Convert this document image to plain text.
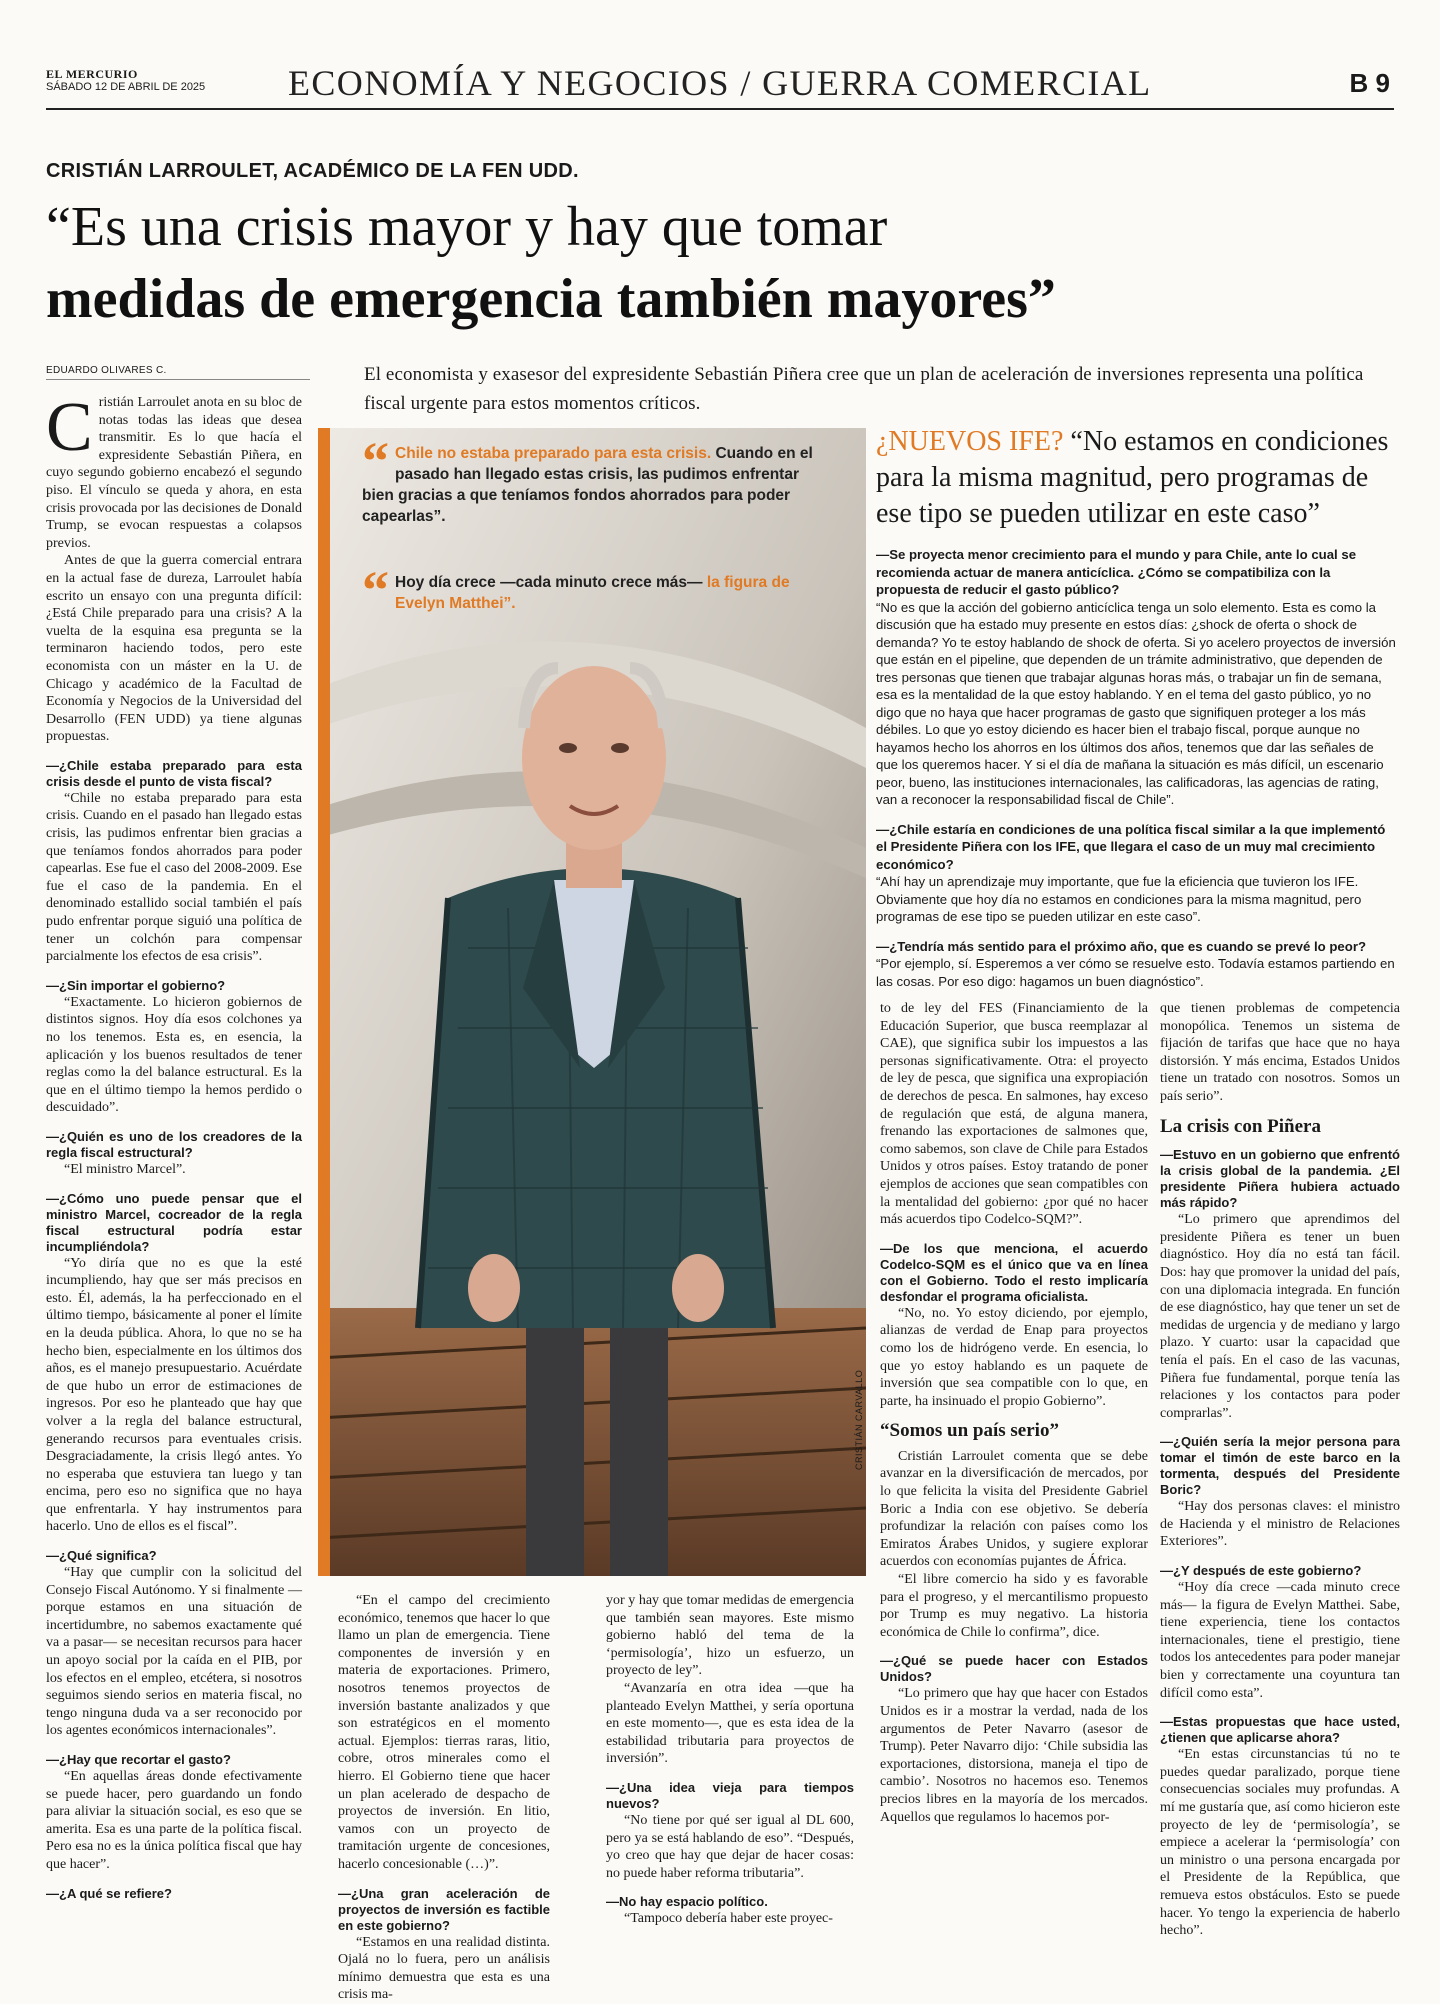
EL MERCURIO
SÁBADO 12 DE ABRIL DE 2025 ECONOMÍA Y NEGOCIOS / GUERRA COMERCIAL	B 9
CRISTIÁN LARROULET, ACADÉMICO DE LA FEN UDD.
“Es una crisis mayor y hay que tomar
medidas de emergencia también mayores”
EDUARDO OLIVARES C.	El economista y exasesor del expresidente Sebastián Piñera cree que un plan de aceleración de inversiones representa una política fiscal urgente para estos momentos críticos.
CRISTIÁN CARVALLO
“ Chile no estaba preparado para esta crisis. Cuando en el pasado han llegado estas crisis, las pudimos enfrentar bien gracias a que teníamos fondos ahorrados para poder capearlas”.
“ Hoy día crece —cada minuto crece más— la figura de Evelyn Matthei”.

Cristián Larroulet anota en su bloc de notas todas las ideas que desea transmitir. Es lo que hacía el expresidente Sebastián Piñera, en cuyo segundo gobierno encabezó el segundo piso. El vínculo se queda y ahora, en esta crisis provocada por las decisiones de Donald Trump, se evocan respuestas a colapsos previos.

Antes de que la guerra comercial entrara en la actual fase de dureza, Larroulet había escrito un ensayo con una pregunta difícil: ¿Está Chile preparado para una crisis? A la vuelta de la esquina esa pregunta se la terminaron haciendo todos, pero este economista con un máster en la U. de Chicago y académico de la Facultad de Economía y Negocios de la Universidad del Desarrollo (FEN UDD) ya tiene algunas propuestas.

—¿Chile estaba preparado para esta crisis desde el punto de vista fiscal?

“Chile no estaba preparado para esta crisis. Cuando en el pasado han llegado estas crisis, las pudimos enfrentar bien gracias a que teníamos fondos ahorrados para poder capearlas. Ese fue el caso del 2008-2009. Ese fue el caso de la pandemia. En el denominado estallido social también el país pudo enfrentar porque siguió una política de tener un colchón para compensar parcialmente los efectos de esa crisis”.

—¿Sin importar el gobierno?

“Exactamente. Lo hicieron gobiernos de distintos signos. Hoy día esos colchones ya no los tenemos. Esta es, en esencia, la aplicación y los buenos resultados de tener reglas como la del balance estructural. Es la que en el último tiempo la hemos perdido o descuidado”.

—¿Quién es uno de los creadores de la regla fiscal estructural?

“El ministro Marcel”.

—¿Cómo uno puede pensar que el ministro Marcel, cocreador de la regla fiscal estructural podría estar incumpliéndola?

“Yo diría que no es que la esté incumpliendo, hay que ser más precisos en esto. Él, además, la ha perfeccionado en el último tiempo, básicamente al poner el límite en la deuda pública. Ahora, lo que no se ha hecho bien, especialmente en los últimos dos años, es el manejo presupuestario. Acuérdate de que hubo un error de estimaciones de ingresos. Por eso he planteado que hay que volver a la regla del balance estructural, generando recursos para eventuales crisis. Desgraciadamente, la crisis llegó antes. Yo no esperaba que estuviera tan luego y tan encima, pero eso no significa que no haya que enfrentarla. Y hay instrumentos para hacerlo. Uno de ellos es el fiscal”.

—¿Qué significa?

“Hay que cumplir con la solicitud del Consejo Fiscal Autónomo. Y si finalmente —porque estamos en una situación de incertidumbre, no sabemos exactamente qué va a pasar— se necesitan recursos para hacer un apoyo social por la caída en el PIB, por los efectos en el empleo, etcétera, si nosotros seguimos siendo serios en materia fiscal, no tengo ninguna duda va a ser reconocido por los agentes económicos internacionales”.

—¿Hay que recortar el gasto?

“En aquellas áreas donde efectivamente se puede hacer, pero guardando un fondo para aliviar la situación social, es eso que se amerita. Esa es una parte de la política fiscal. Pero esa no es la única política fiscal que hay que hacer”.

—¿A qué se refiere?

“En el campo del crecimiento económico, tenemos que hacer lo que llamo un plan de emergencia. Tiene componentes de inversión y en materia de exportaciones. Primero, nosotros tenemos proyectos de inversión bastante analizados y que son estratégicos en el momento actual. Ejemplos: tierras raras, litio, cobre, otros minerales como el hierro. El Gobierno tiene que hacer un plan acelerado de despacho de proyectos de inversión. En litio, vamos con un proyecto de tramitación urgente de concesiones, hacerlo concesionable (…)”.

—¿Una gran aceleración de proyectos de inversión es factible en este gobierno?

“Estamos en una realidad distinta. Ojalá no lo fuera, pero un análisis mínimo demuestra que esta es una crisis ma-

yor y hay que tomar medidas de emergencia que también sean mayores. Este mismo gobierno habló del tema de la ‘permisología’, hizo un esfuerzo, un proyecto de ley”.

“Avanzaría en otra idea —que ha planteado Evelyn Matthei, y sería oportuna en este momento—, que es esta idea de la estabilidad tributaria para proyectos de inversión”.

—¿Una idea vieja para tiempos nuevos?

“No tiene por qué ser igual al DL 600, pero ya se está hablando de eso”. “Después, yo creo que hay que dejar de hacer cosas: no puede haber reforma tributaria”.

—No hay espacio político.

“Tampoco debería haber este proyec-

to de ley del FES (Financiamiento de la Educación Superior, que busca reemplazar al CAE), que significa subir los impuestos a las personas significativamente. Otra: el proyecto de ley de pesca, que significa una expropiación de derechos de pesca. En salmones, hay exceso de regulación que está, de alguna manera, frenando las exportaciones de salmones que, como sabemos, son clave de Chile para Estados Unidos y otros países. Estoy tratando de poner ejemplos de acciones que sean compatibles con la mentalidad del gobierno: ¿por qué no hacer más acuerdos tipo Codelco-SQM?”.

—De los que menciona, el acuerdo Codelco-SQM es el único que va en línea con el Gobierno. Todo el resto implicaría desfondar el programa oficialista.

“No, no. Yo estoy diciendo, por ejemplo, alianzas de verdad de Enap para proyectos como los de hidrógeno verde. En esencia, lo que yo estoy hablando es un paquete de inversión que sea compatible con lo que, en parte, ha insinuado el propio Gobierno”.

“Somos un país serio”

Cristián Larroulet comenta que se debe avanzar en la diversificación de mercados, por lo que felicita la visita del Presidente Gabriel Boric a India con ese objetivo. Se debería profundizar la relación con países como los Emiratos Árabes Unidos, y sugiere explorar acuerdos con economías pujantes de África.

“El libre comercio ha sido y es favorable para el progreso, y el mercantilismo propuesto por Trump es muy negativo. La historia económica de Chile lo confirma”, dice.

—¿Qué se puede hacer con Estados Unidos?

“Lo primero que hay que hacer con Estados Unidos es ir a mostrar la verdad, nada de los argumentos de Peter Navarro (asesor de Trump). Peter Navarro dijo: ‘Chile subsidia las exportaciones, distorsiona, maneja el tipo de cambio’. Nosotros no hacemos eso. Tenemos precios libres en la mayoría de los mercados. Aquellos que regulamos lo hacemos por-

que tienen problemas de competencia monopólica. Tenemos un sistema de fijación de tarifas que hace que no haya distorsión. Y más encima, Estados Unidos tiene un tratado con nosotros. Somos un país serio”.

La crisis con Piñera

—Estuvo en un gobierno que enfrentó la crisis global de la pandemia. ¿El presidente Piñera hubiera actuado más rápido?

“Lo primero que aprendimos del presidente Piñera es tener un buen diagnóstico. Hoy día no está tan fácil. Dos: hay que promover la unidad del país, con una diplomacia integrada. En función de ese diagnóstico, hay que tener un set de medidas de urgencia y de mediano y largo plazo. Y cuarto: usar la capacidad que tenía el país. En el caso de las vacunas, Piñera fue fundamental, porque tenía las relaciones y los contactos para poder comprarlas”.

—¿Quién sería la mejor persona para tomar el timón de este barco en la tormenta, después del Presidente Boric?

“Hay dos personas claves: el ministro de Hacienda y el ministro de Relaciones Exteriores”.

—¿Y después de este gobierno?

“Hoy día crece —cada minuto crece más— la figura de Evelyn Matthei. Sabe, tiene experiencia, tiene los contactos internacionales, tiene el prestigio, tiene todos los antecedentes para poder manejar bien y correctamente una coyuntura tan difícil como esta”.

—Estas propuestas que hace usted, ¿tienen que aplicarse ahora?

“En estas circunstancias tú no te puedes quedar paralizado, porque tiene consecuencias sociales muy profundas. A mí me gustaría que, así como hicieron este proyecto de ley de ‘permisología’, se empiece a acelerar la ‘permisología’ con un ministro o una persona encargada por el Presidente de la República, que remueva estos obstáculos. Esto se puede hacer. Yo tengo la experiencia de haberlo hecho”.

¿NUEVOS IFE? “No estamos en condiciones para la misma magnitud, pero programas de ese tipo se pueden utilizar en este caso”

—Se proyecta menor crecimiento para el mundo y para Chile, ante lo cual se recomienda actuar de manera anticíclica. ¿Cómo se compatibiliza con la propuesta de reducir el gasto público?

“No es que la acción del gobierno anticíclica tenga un solo elemento. Esta es como la discusión que ha estado muy presente en estos días: ¿shock de oferta o shock de demanda? Yo te estoy hablando de shock de oferta. Si yo acelero proyectos de inversión que están en el pipeline, que dependen de un trámite administrativo, que dependen de tres personas que tienen que trabajar algunas horas más, o trabajar un fin de semana, esa es la mentalidad de la que estoy hablando. Y en el tema del gasto público, yo no digo que no haya que hacer programas de gasto que signifiquen proteger a los más débiles. Lo que yo estoy diciendo es hacer bien el trabajo fiscal, porque aunque no hayamos hecho los ahorros en los últimos dos años, tenemos que dar las señales de que los queremos hacer. Y si el día de mañana la situación es más difícil, un escenario peor, bueno, las instituciones internacionales, las calificadoras, las agencias de rating, van a reconocer la responsabilidad fiscal de Chile”.

—¿Chile estaría en condiciones de una política fiscal similar a la que implementó el Presidente Piñera con los IFE, que llegara el caso de un muy mal crecimiento económico?

“Ahí hay un aprendizaje muy importante, que fue la eficiencia que tuvieron los IFE. Obviamente que hoy día no estamos en condiciones para la misma magnitud, pero programas de ese tipo se pueden utilizar en este caso”.

—¿Tendría más sentido para el próximo año, que es cuando se prevé lo peor?

“Por ejemplo, sí. Esperemos a ver cómo se resuelve esto. Todavía estamos partiendo en las cosas. Por eso digo: hagamos un buen diagnóstico”.
